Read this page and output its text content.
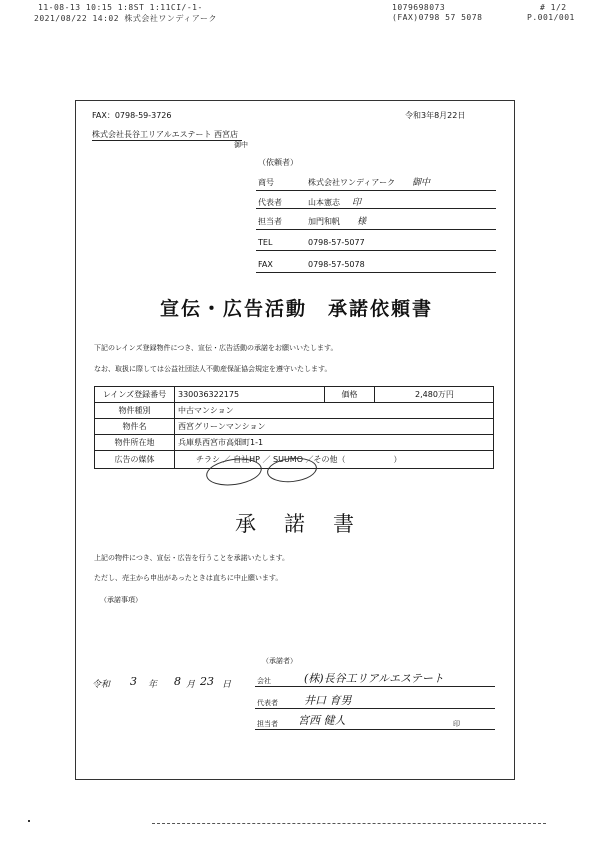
11-08-13 10:15 1:8ST 1:11CI/-1-	1079698073	# 1/2
2021/08/22 14:02 株式会社ワンディアーク	(FAX)0798 57 5078	P.001/001
FAX：0798-59-3726	令和3年8月22日
株式会社長谷工リアルエステート 西宮店
御中
（依頼者）
商号	株式会社ワンディアーク 御中
代表者	山本憲志 印
担当者	加門和帆 様
TEL	0798-57-5077
FAX	0798-57-5078
宣伝・広告活動　承諾依頼書
下記のレインズ登録物件につき、宣伝・広告活動の承諾をお願いいたします。
なお、取扱に際しては公益社団法人不動産保証協会規定を遵守いたします。
レインズ登録番号	330036322175	価格	2,480万円
物件種別	中古マンション		
物件名	西宮グリーンマンション		
物件所在地	兵庫県西宮市高畑町1-1		
広告の媒体	チラシ ／ 自社HP ／ SUUMO ／その他（　　　　　　）		
承諾書
上記の物件につき、宣伝・広告を行うことを承諾いたします。
ただし、売主から申出があったときは直ちに中止願います。
（承諾事項）
令和 3 年 8 月 23 日
（承諾者）
会社	(株)長谷工リアルエステート
代表者 井口 育男
担当者 宮西 健人	印
